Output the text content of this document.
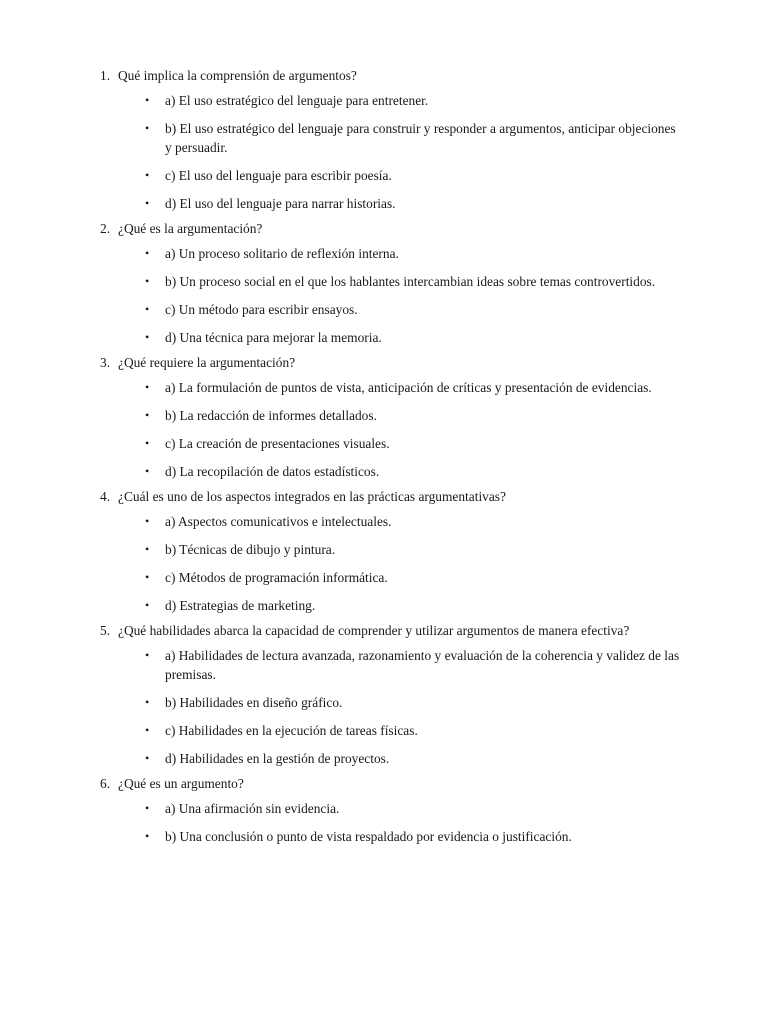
1. Qué implica la comprensión de argumentos?
•	a) El uso estratégico del lenguaje para entretener.
•	b) El uso estratégico del lenguaje para construir y responder a argumentos, anticipar objeciones y persuadir.
•	c) El uso del lenguaje para escribir poesía.
•	d) El uso del lenguaje para narrar historias.
2. ¿Qué es la argumentación?
•	a) Un proceso solitario de reflexión interna.
•	b) Un proceso social en el que los hablantes intercambian ideas sobre temas controvertidos.
•	c) Un método para escribir ensayos.
•	d) Una técnica para mejorar la memoria.
3. ¿Qué requiere la argumentación?
•	a) La formulación de puntos de vista, anticipación de críticas y presentación de evidencias.
•	b) La redacción de informes detallados.
•	c) La creación de presentaciones visuales.
•	d) La recopilación de datos estadísticos.
4. ¿Cuál es uno de los aspectos integrados en las prácticas argumentativas?
•	a) Aspectos comunicativos e intelectuales.
•	b) Técnicas de dibujo y pintura.
•	c) Métodos de programación informática.
•	d) Estrategias de marketing.
5. ¿Qué habilidades abarca la capacidad de comprender y utilizar argumentos de manera efectiva?
•	a) Habilidades de lectura avanzada, razonamiento y evaluación de la coherencia y validez de las premisas.
•	b) Habilidades en diseño gráfico.
•	c) Habilidades en la ejecución de tareas físicas.
•	d) Habilidades en la gestión de proyectos.
6. ¿Qué es un argumento?
•	a) Una afirmación sin evidencia.
•	b) Una conclusión o punto de vista respaldado por evidencia o justificación.
